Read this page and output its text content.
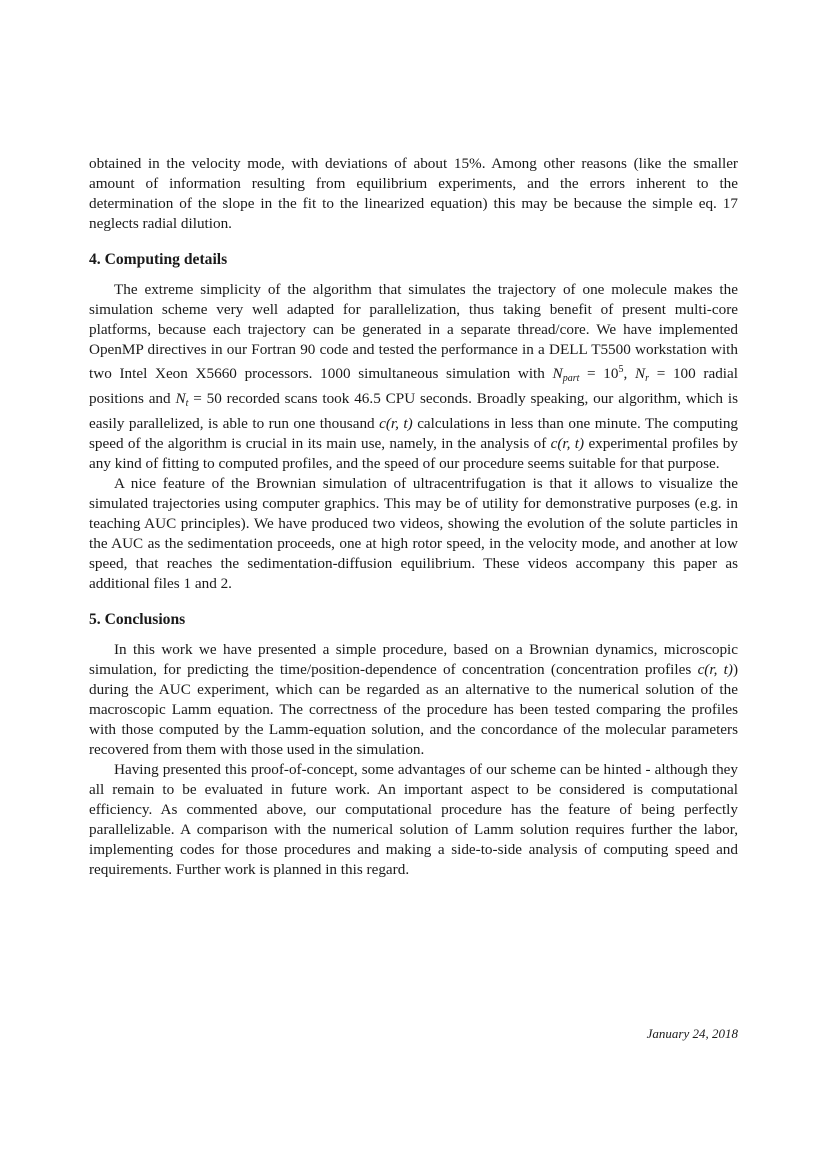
obtained in the velocity mode, with deviations of about 15%. Among other reasons (like the smaller amount of information resulting from equilibrium experiments, and the errors inherent to the determination of the slope in the fit to the linearized equation) this may be because the simple eq. 17 neglects radial dilution.

4. Computing details

The extreme simplicity of the algorithm that simulates the trajectory of one molecule makes the simulation scheme very well adapted for parallelization, thus taking benefit of present multi-core platforms, because each trajectory can be generated in a separate thread/core. We have implemented OpenMP directives in our Fortran 90 code and tested the performance in a DELL T5500 workstation with two Intel Xeon X5660 processors. 1000 simultaneous simulation with $N_{part} = 10^5$, $N_r = 100$ radial positions and $N_t = 50$ recorded scans took 46.5 CPU seconds. Broadly speaking, our algorithm, which is easily parallelized, is able to run one thousand c(r, t) calculations in less than one minute. The computing speed of the algorithm is crucial in its main use, namely, in the analysis of c(r, t) experimental profiles by any kind of fitting to computed profiles, and the speed of our procedure seems suitable for that purpose.

A nice feature of the Brownian simulation of ultracentrifugation is that it allows to visualize the simulated trajectories using computer graphics. This may be of utility for demonstrative purposes (e.g. in teaching AUC principles). We have produced two videos, showing the evolution of the solute particles in the AUC as the sedimentation proceeds, one at high rotor speed, in the velocity mode, and another at low speed, that reaches the sedimentation-diffusion equilibrium. These videos accompany this paper as additional files 1 and 2.

5. Conclusions

In this work we have presented a simple procedure, based on a Brownian dynamics, microscopic simulation, for predicting the time/position-dependence of concentration (concentration profiles c(r, t)) during the AUC experiment, which can be regarded as an alternative to the numerical solution of the macroscopic Lamm equation. The correctness of the procedure has been tested comparing the profiles with those computed by the Lamm-equation solution, and the concordance of the molecular parameters recovered from them with those used in the simulation.

Having presented this proof-of-concept, some advantages of our scheme can be hinted - although they all remain to be evaluated in future work. An important aspect to be considered is computational efficiency. As commented above, our computational procedure has the feature of being perfectly parallelizable. A comparison with the numerical solution of Lamm solution requires further the labor, implementing codes for those procedures and making a side-to-side analysis of computing speed and requirements. Further work is planned in this regard.

January 24, 2018
